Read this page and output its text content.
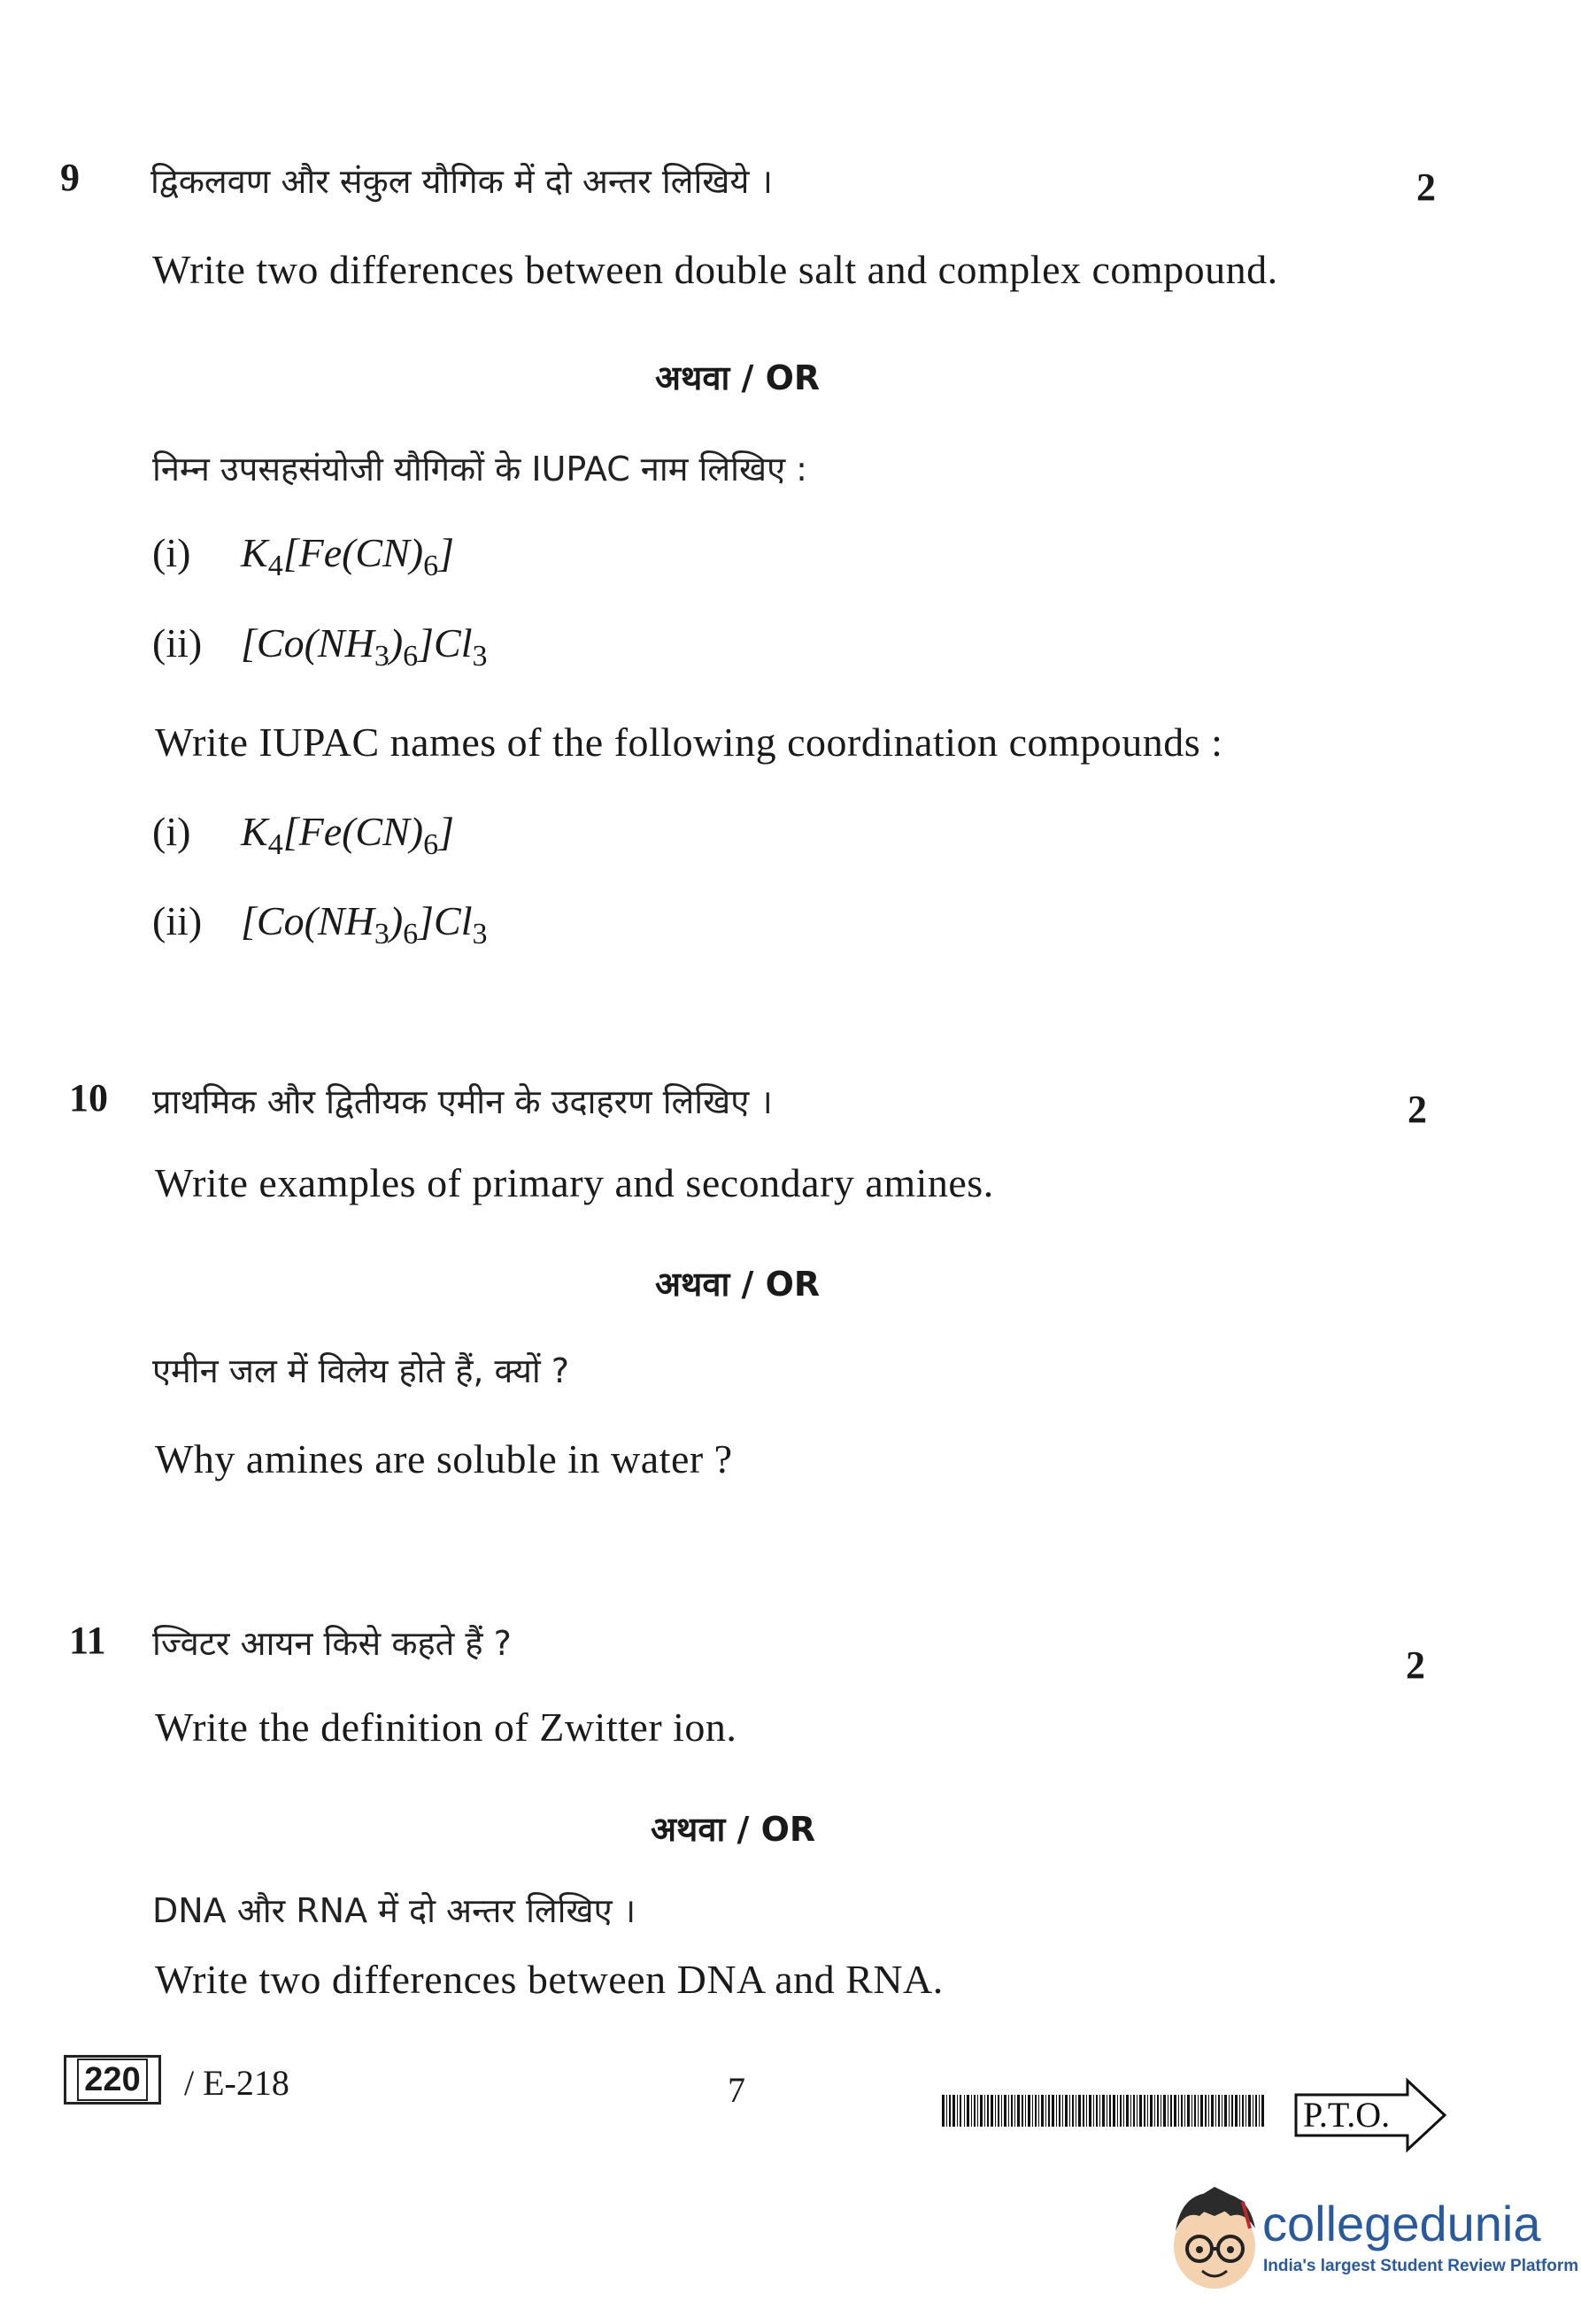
9 द्विकलवण और संकुल यौगिक में दो अन्तर लिखिये ।	2
Write two differences between double salt and complex compound.
अथवा / OR
निम्न उपसहसंयोजी यौगिकों के IUPAC नाम लिखिए :
(i) $K_4[Fe(CN)_6]$
(ii) $[Co(NH_3)_6]Cl_3$
Write IUPAC names of the following coordination compounds :
(i) $K_4[Fe(CN)_6]$
(ii) $[Co(NH_3)_6]Cl_3$
10 प्राथमिक और द्वितीयक एमीन के उदाहरण लिखिए ।	2
Write examples of primary and secondary amines.
अथवा / OR
एमीन जल में विलेय होते हैं, क्यों ?
Why amines are soluble in water ?
11 ज्विटर आयन किसे कहते हैं ?	2
Write the definition of Zwitter ion.
अथवा / OR
DNA और RNA में दो अन्तर लिखिए ।
Write two differences between DNA and RNA.
220 / E-218	7
P.T.O.
collegedunia
India's largest Student Review Platform
